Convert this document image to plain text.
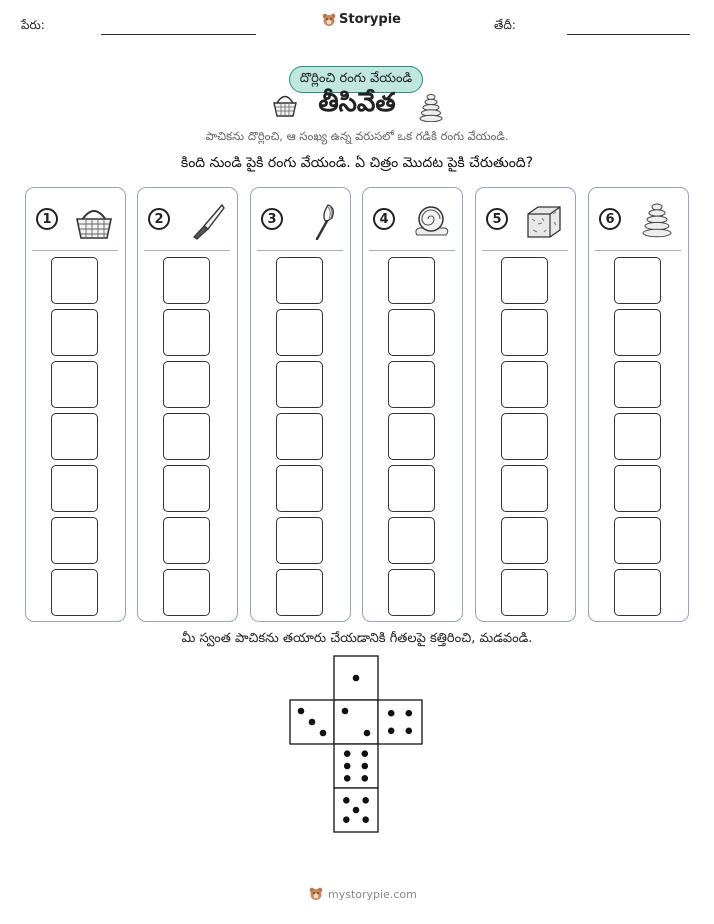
పేరు:	Storypie	తేదీ:
దొర్లించి రంగు వేయండి
తీసివేత
పాచికను దొర్లించి, ఆ సంఖ్య ఉన్న వరుసలో ఒక గడికి రంగు వేయండి.
కింది నుండి పైకి రంగు వేయండి. ఏ చిత్రం మొదట పైకి చేరుతుంది?
1	2	3	4	5	6
మీ స్వంత పాచికను తయారు చేయడానికి గీతలపై కత్తిరించి, మడవండి.
mystorypie.com
